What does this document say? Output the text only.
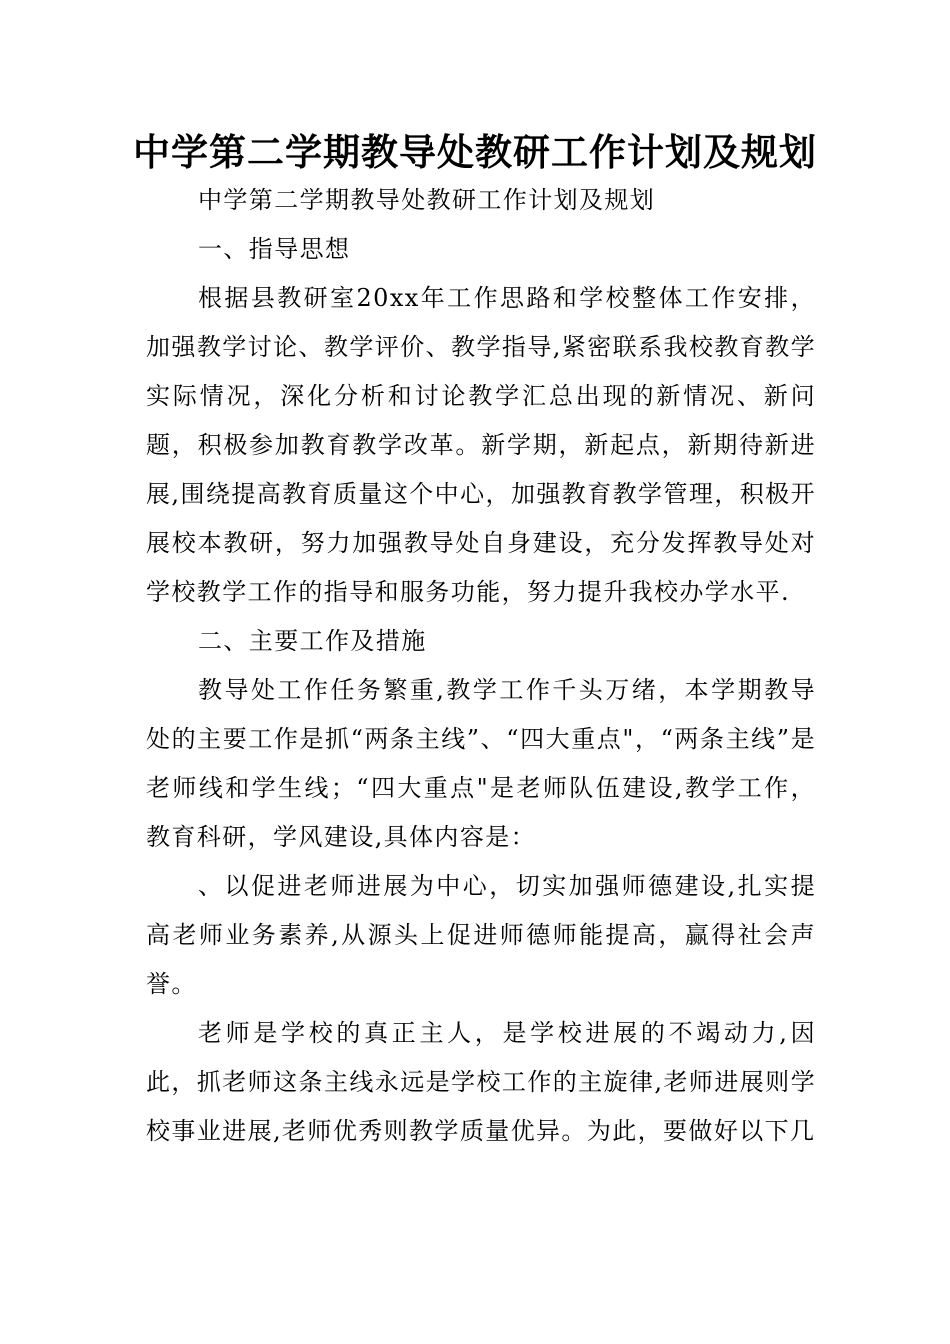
中学第二学期教导处教研工作计划及规划

中学第二学期教导处教研工作计划及规划

一、指导思想

根据县教研室20xx年工作思路和学校整体工作安排，加强教学讨论、教学评价、教学指导,紧密联系我校教育教学实际情况，深化分析和讨论教学汇总出现的新情况、新问题，积极参加教育教学改革。新学期，新起点，新期待新进展,围绕提高教育质量这个中心，加强教育教学管理，积极开展校本教研，努力加强教导处自身建设，充分发挥教导处对学校教学工作的指导和服务功能，努力提升我校办学水平.

二、主要工作及措施

教导处工作任务繁重,教学工作千头万绪，本学期教导处的主要工作是抓“两条主线”、“四大重点"，“两条主线”是老师线和学生线；“四大重点"是老师队伍建设,教学工作，教育科研，学风建设,具体内容是：

、以促进老师进展为中心，切实加强师德建设,扎实提高老师业务素养,从源头上促进师德师能提高，赢得社会声誉。

老师是学校的真正主人，是学校进展的不竭动力,因此，抓老师这条主线永远是学校工作的主旋律,老师进展则学校事业进展,老师优秀则教学质量优异。为此，要做好以下几
